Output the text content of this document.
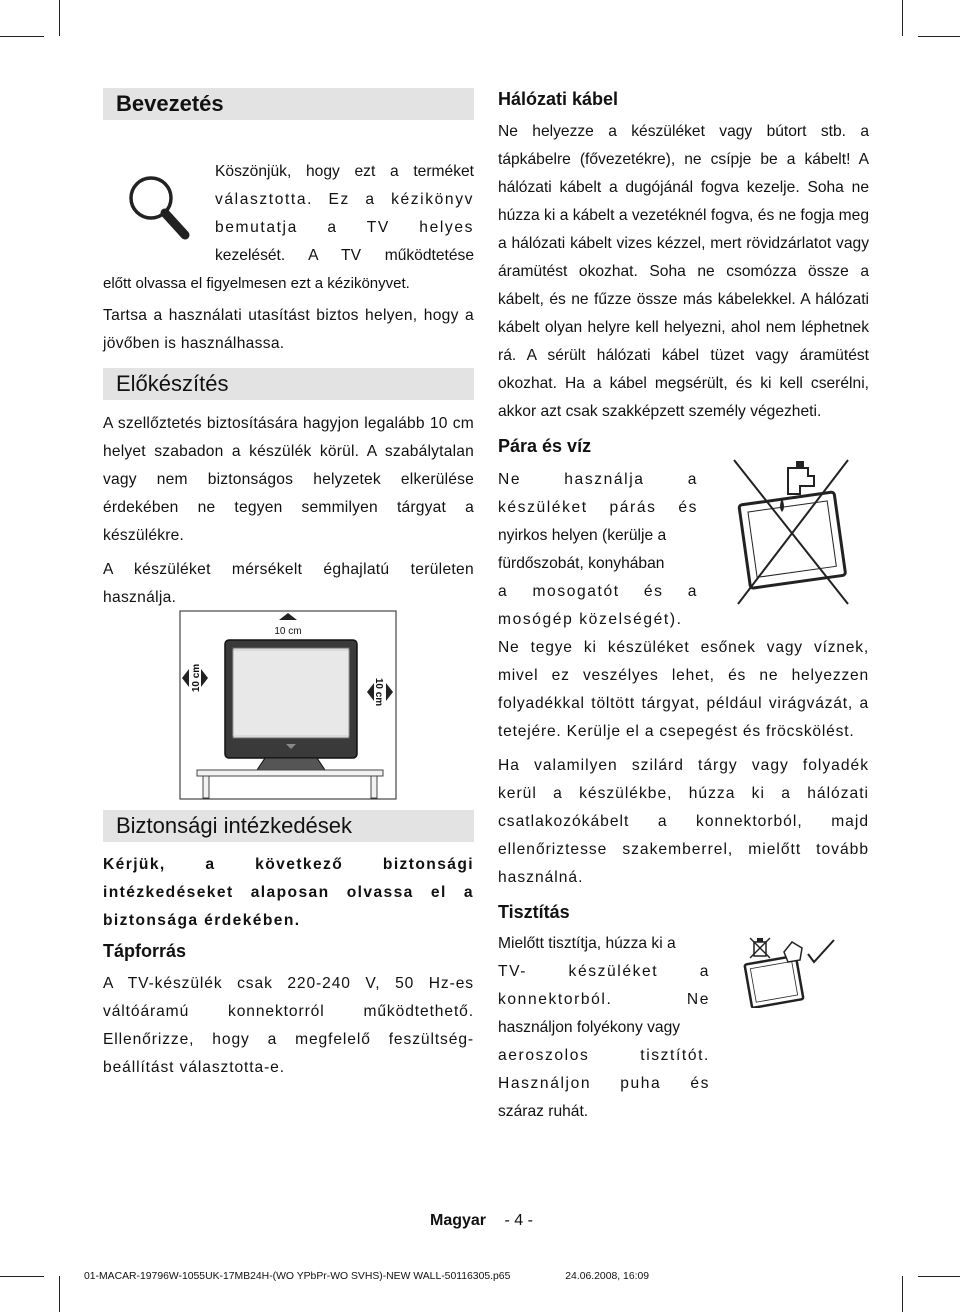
Bevezetés

Köszönjük, hogy ezt a terméket

választotta. Ez a kézikönyv

bemutatja a TV helyes

kezelését. A TV működtetése

előtt olvassa el figyelmesen ezt a kézikönyvet.

Tartsa a használati utasítást biztos helyen, hogy a jövőben is használhassa.

Előkészítés

A szellőztetés biztosítására hagyjon legalább 10 cm helyet szabadon a készülék körül. A szabálytalan vagy nem biztonságos helyzetek elkerülése érdekében ne tegyen semmilyen tárgyat a készülékre.

A készüléket mérsékelt éghajlatú területen használja.

10 cm
10 cm	10 cm
Biztonsági intézkedések

Kérjük, a következő biztonsági intézkedéseket alaposan olvassa el a biztonsága érdekében.

Tápforrás

A TV-készülék csak 220-240 V, 50 Hz-es váltóáramú konnektorról működtethető. Ellenőrizze, hogy a megfelelő feszültség-beállítást választotta-e.

Hálózati kábel

Ne helyezze a készüléket vagy bútort stb. a tápkábelre (fővezetékre), ne csípje be a kábelt! A hálózati kábelt a dugójánál fogva kezelje. Soha ne húzza ki a kábelt a vezetéknél fogva, és ne fogja meg a hálózati kábelt vizes kézzel, mert rövidzárlatot vagy áramütést okozhat. Soha ne csomózza össze a kábelt, és ne fűzze össze más kábelekkel. A hálózati kábelt olyan helyre kell helyezni, ahol nem léphetnek rá. A sérült hálózati kábel tüzet vagy áramütést okozhat. Ha a kábel megsérült, és ki kell cserélni, akkor azt csak szakképzett személy végezheti.

Pára és víz

Ne használja a

készüléket párás és

nyirkos helyen (kerülje a

fürdőszobát, konyhában

a mosogatót és a

mosógép közelségét).

Ne tegye ki készüléket esőnek vagy víznek, mivel ez veszélyes lehet, és ne helyezzen folyadékkal töltött tárgyat, például virágvázát, a tetejére. Kerülje el a csepegést és fröcskölést.

Ha valamilyen szilárd tárgy vagy folyadék kerül a készülékbe, húzza ki a hálózati csatlakozókábelt a konnektorból, majd ellenőriztesse szakemberrel, mielőtt tovább használná.

Tisztítás

Mielőtt tisztítja, húzza ki a

TV- készüléket a

konnektorból. Ne

használjon folyékony vagy

aeroszolos tisztítót.

Használjon puha és

száraz ruhát.

Magyar - 4 -
01-MACAR-19796W-1055UK-17MB24H-(WO YPbPr-WO SVHS)-NEW WALL-50116305.p65	24.06.2008, 16:09
